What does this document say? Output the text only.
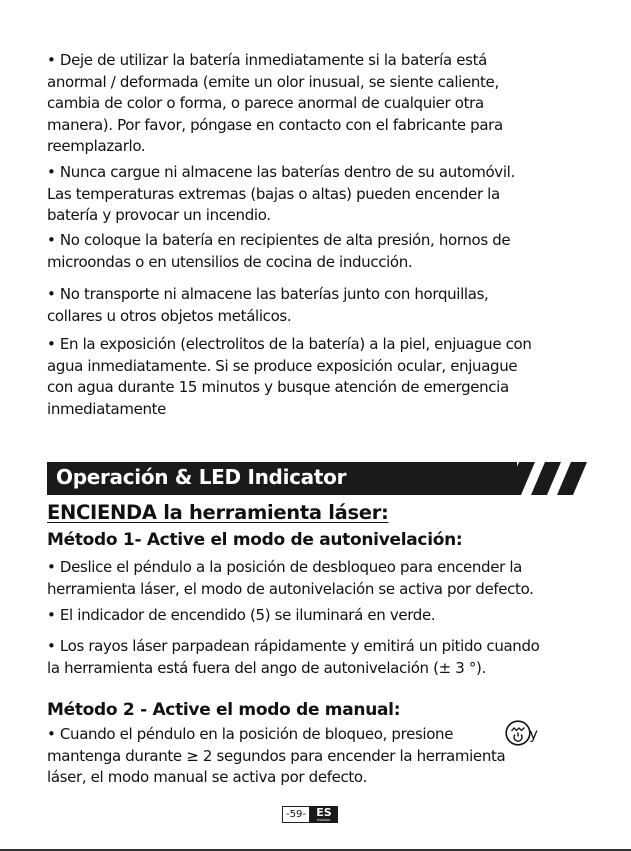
• Deje de utilizar la batería inmediatamente si la batería está
anormal / deformada (emite un olor inusual, se siente caliente,
cambia de color o forma, o parece anormal de cualquier otra
manera). Por favor, póngase en contacto con el fabricante para
reemplazarlo.
• Nunca cargue ni almacene las baterías dentro de su automóvil.
Las temperaturas extremas (bajas o altas) pueden encender la
batería y provocar un incendio.
• No coloque la batería en recipientes de alta presión, hornos de
microondas o en utensilios de cocina de inducción.
• No transporte ni almacene las baterías junto con horquillas,
collares u otros objetos metálicos.
• En la exposición (electrolitos de la batería) a la piel, enjuague con
agua inmediatamente. Si se produce exposición ocular, enjuague
con agua durante 15 minutos y busque atención de emergencia
inmediatamente
Operación & LED Indicator
ENCIENDA la herramienta láser:
Método 1- Active el modo de autonivelación:
• Deslice el péndulo a la posición de desbloqueo para encender la
herramienta láser, el modo de autonivelación se activa por defecto.
• El indicador de encendido (5) se iluminará en verde.
• Los rayos láser parpadean rápidamente y emitirá un pitido cuando
la herramienta está fuera del ango de autonivelación (± 3 °).
Método 2 - Active el modo de manual:
• Cuando el péndulo en la posición de bloqueo, presione	y
mantenga durante ≥ 2 segundos para encender la herramienta
láser, el modo manual se activa por defecto.
-59- ES
ESPAÑOL
